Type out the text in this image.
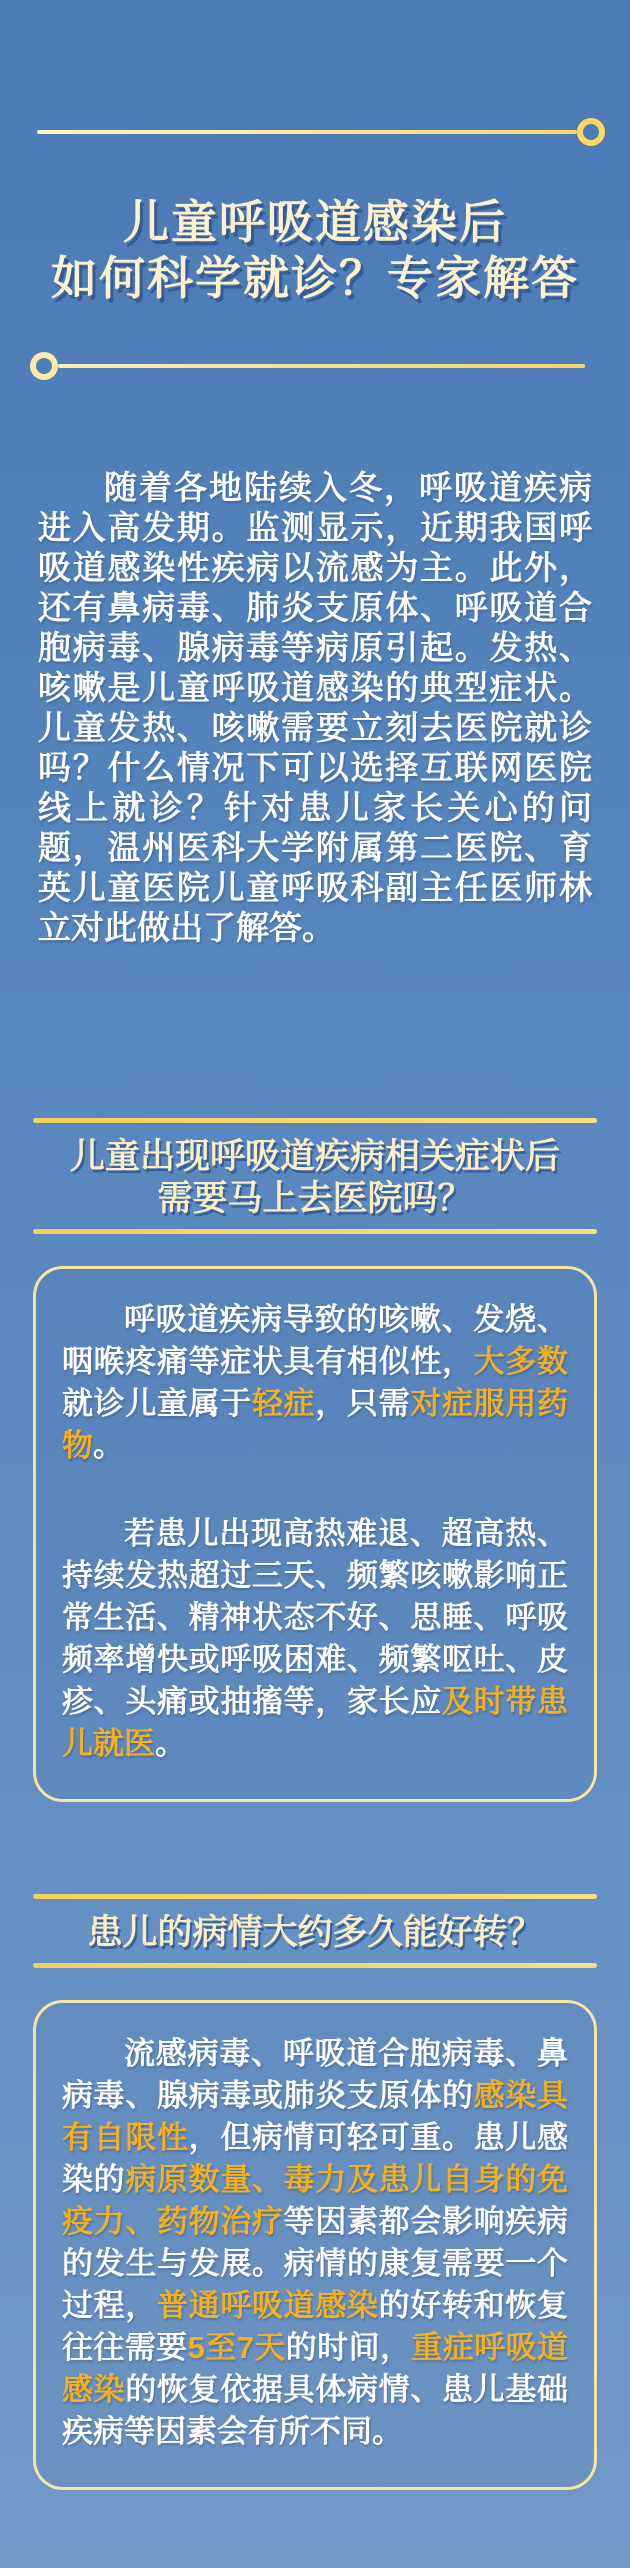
儿童呼吸道感染后
如何科学就诊？专家解答

随着各地陆续入冬，呼吸道疾病进入高发期。监测显示，近期我国呼吸道感染性疾病以流感为主。此外，还有鼻病毒、肺炎支原体、呼吸道合胞病毒、腺病毒等病原引起。发热、咳嗽是儿童呼吸道感染的典型症状。儿童发热、咳嗽需要立刻去医院就诊吗？什么情况下可以选择互联网医院线上就诊？针对患儿家长关心的问题，温州医科大学附属第二医院、育英儿童医院儿童呼吸科副主任医师林立对此做出了解答。

儿童出现呼吸道疾病相关症状后
需要马上去医院吗？

呼吸道疾病导致的咳嗽、发烧、咽喉疼痛等症状具有相似性，大多数就诊儿童属于轻症，只需对症服用药物。

若患儿出现高热难退、超高热、持续发热超过三天、频繁咳嗽影响正常生活、精神状态不好、思睡、呼吸频率增快或呼吸困难、频繁呕吐、皮疹、头痛或抽搐等，家长应及时带患儿就医。

患儿的病情大约多久能好转？

流感病毒、呼吸道合胞病毒、鼻病毒、腺病毒或肺炎支原体的感染具有自限性，但病情可轻可重。患儿感染的病原数量、毒力及患儿自身的免疫力、药物治疗等因素都会影响疾病的发生与发展。病情的康复需要一个过程，普通呼吸道感染的好转和恢复往往需要5至7天的时间，重症呼吸道感染的恢复依据具体病情、患儿基础疾病等因素会有所不同。
